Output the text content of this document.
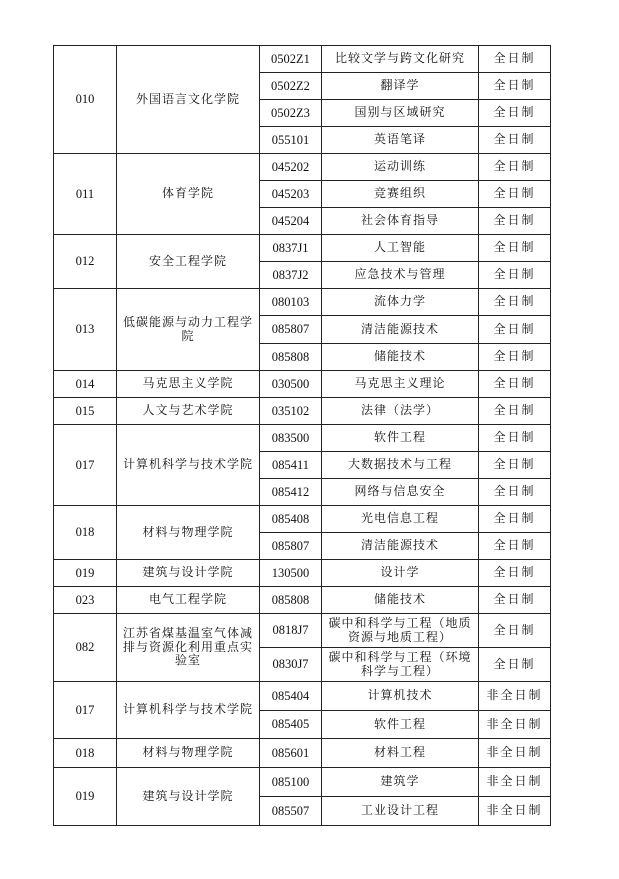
010	外国语言文化学院	0502Z1	比较文学与跨文化研究	全日制
		0502Z2	翻译学	全日制
		0502Z3	国别与区域研究	全日制
		055101	英语笔译	全日制
011	体育学院	045202	运动训练	全日制
		045203	竞赛组织	全日制
		045204	社会体育指导	全日制
012	安全工程学院	0837J1	人工智能	全日制
		0837J2	应急技术与管理	全日制
013	低碳能源与动力工程学院	080103	流体力学	全日制
		085807	清洁能源技术	全日制
		085808	储能技术	全日制
014	马克思主义学院	030500	马克思主义理论	全日制
015	人文与艺术学院	035102	法律（法学）	全日制
017	计算机科学与技术学院	083500	软件工程	全日制
		085411	大数据技术与工程	全日制
		085412	网络与信息安全	全日制
018	材料与物理学院	085408	光电信息工程	全日制
		085807	清洁能源技术	全日制
019	建筑与设计学院	130500	设计学	全日制
023	电气工程学院	085808	储能技术	全日制
082	江苏省煤基温室气体减排与资源化利用重点实验室	0818J7	碳中和科学与工程（地质资源与地质工程）	全日制
		0830J7	碳中和科学与工程（环境科学与工程）	全日制
017	计算机科学与技术学院	085404	计算机技术	非全日制
		085405	软件工程	非全日制
018	材料与物理学院	085601	材料工程	非全日制
019	建筑与设计学院	085100	建筑学	非全日制
		085507	工业设计工程	非全日制
